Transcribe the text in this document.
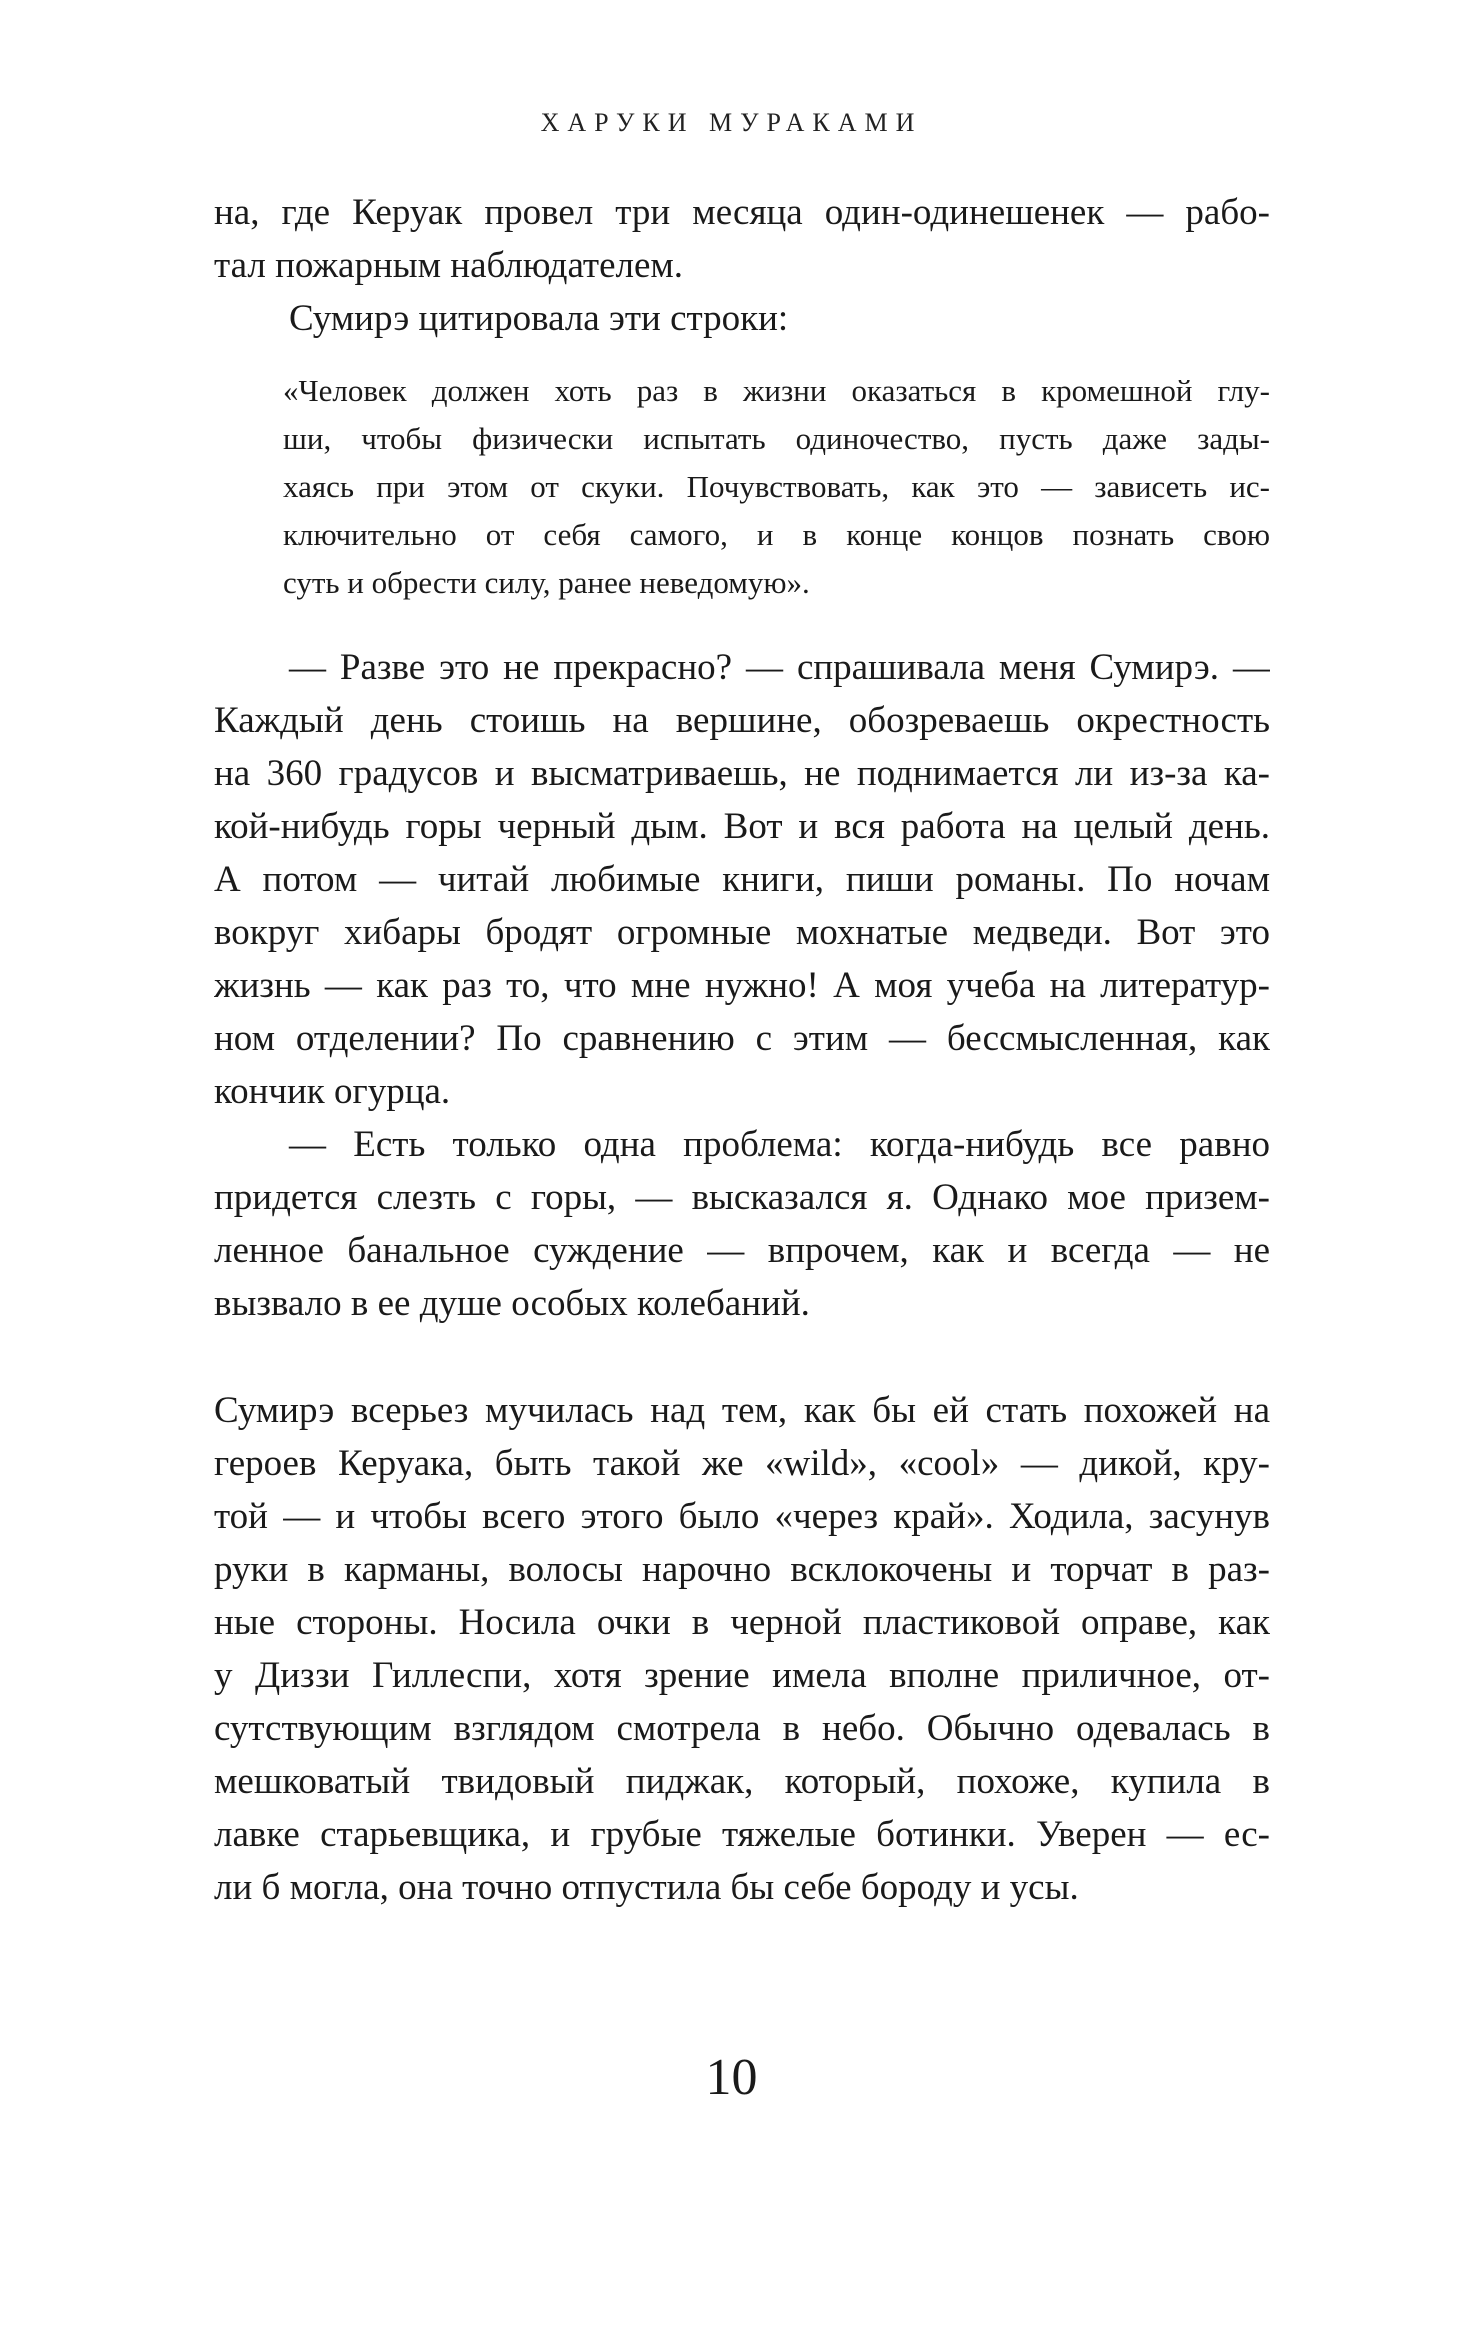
ХАРУКИ МУРАКАМИ
на, где Керуак провел три месяца один-одинешенек — рабо-
тал пожарным наблюдателем.
Сумирэ цитировала эти строки:
«Человек должен хоть раз в жизни оказаться в кромешной глу-
ши, чтобы физически испытать одиночество, пусть даже зады-
хаясь при этом от скуки. Почувствовать, как это — зависеть ис-
ключительно от себя самого, и в конце концов познать свою
суть и обрести силу, ранее неведомую».
— Разве это не прекрасно? — спрашивала меня Сумирэ. —
Каждый день стоишь на вершине, обозреваешь окрестность
на 360 градусов и высматриваешь, не поднимается ли из-за ка-
кой-нибудь горы черный дым. Вот и вся работа на целый день.
А потом — читай любимые книги, пиши романы. По ночам
вокруг хибары бродят огромные мохнатые медведи. Вот это
жизнь — как раз то, что мне нужно! А моя учеба на литератур-
ном отделении? По сравнению с этим — бессмысленная, как
кончик огурца.
— Есть только одна проблема: когда-нибудь все равно
придется слезть с горы, — высказался я. Однако мое призем-
ленное банальное суждение — впрочем, как и всегда — не
вызвало в ее душе особых колебаний.
Сумирэ всерьез мучилась над тем, как бы ей стать похожей на
героев Керуака, быть такой же «wild», «cool» — дикой, кру-
той — и чтобы всего этого было «через край». Ходила, засунув
руки в карманы, волосы нарочно всклокочены и торчат в раз-
ные стороны. Носила очки в черной пластиковой оправе, как
у Диззи Гиллеспи, хотя зрение имела вполне приличное, от-
сутствующим взглядом смотрела в небо. Обычно одевалась в
мешковатый твидовый пиджак, который, похоже, купила в
лавке старьевщика, и грубые тяжелые ботинки. Уверен — ес-
ли б могла, она точно отпустила бы себе бороду и усы.
10
